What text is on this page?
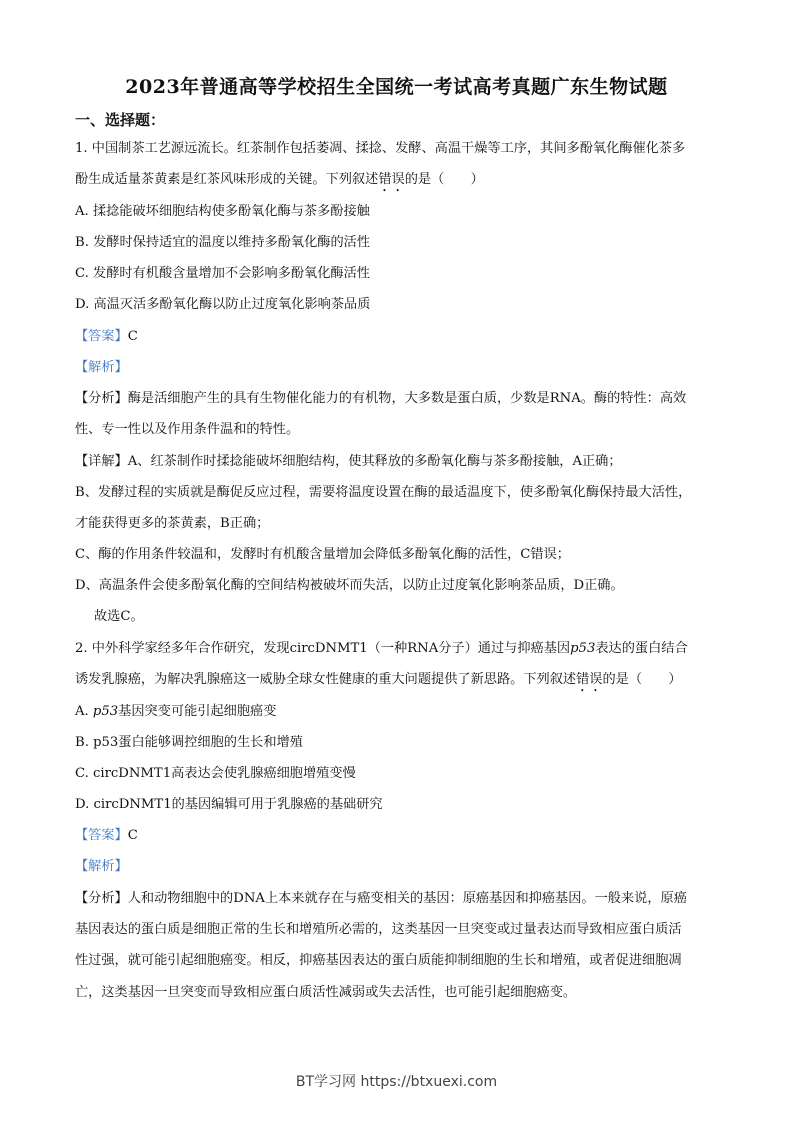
2023年普通高等学校招生全国统一考试高考真题广东生物试题
一、选择题：
1. 中国制茶工艺源远流长。红茶制作包括萎凋、揉捻、发酵、高温干燥等工序，其间多酚氧化酶催化茶多
酚生成适量茶黄素是红茶风味形成的关键。下列叙述错误的是（　　）
A. 揉捻能破坏细胞结构使多酚氧化酶与茶多酚接触
B. 发酵时保持适宜的温度以维持多酚氧化酶的活性
C. 发酵时有机酸含量增加不会影响多酚氧化酶活性
D. 高温灭活多酚氧化酶以防止过度氧化影响茶品质
【答案】C
【解析】
【分析】酶是活细胞产生的具有生物催化能力的有机物，大多数是蛋白质，少数是RNA。酶的特性：高效
性、专一性以及作用条件温和的特性。
【详解】A、红茶制作时揉捻能破坏细胞结构，使其释放的多酚氧化酶与茶多酚接触，A正确；
B、发酵过程的实质就是酶促反应过程，需要将温度设置在酶的最适温度下，使多酚氧化酶保持最大活性，
才能获得更多的茶黄素，B正确；
C、酶的作用条件较温和，发酵时有机酸含量增加会降低多酚氧化酶的活性，C错误；
D、高温条件会使多酚氧化酶的空间结构被破坏而失活，以防止过度氧化影响茶品质，D正确。
故选C。
2. 中外科学家经多年合作研究，发现circDNMT1（一种RNA分子）通过与抑癌基因p53表达的蛋白结合
诱发乳腺癌，为解决乳腺癌这一威胁全球女性健康的重大问题提供了新思路。下列叙述错误的是（　　）
A. p53基因突变可能引起细胞癌变
B. p53蛋白能够调控细胞的生长和增殖
C. circDNMT1高表达会使乳腺癌细胞增殖变慢
D. circDNMT1的基因编辑可用于乳腺癌的基础研究
【答案】C
【解析】
【分析】人和动物细胞中的DNA上本来就存在与癌变相关的基因：原癌基因和抑癌基因。一般来说，原癌
基因表达的蛋白质是细胞正常的生长和增殖所必需的，这类基因一旦突变或过量表达而导致相应蛋白质活
性过强，就可能引起细胞癌变。相反，抑癌基因表达的蛋白质能抑制细胞的生长和增殖，或者促进细胞凋
亡，这类基因一旦突变而导致相应蛋白质活性减弱或失去活性，也可能引起细胞癌变。
BT学习网 https://btxuexi.com
